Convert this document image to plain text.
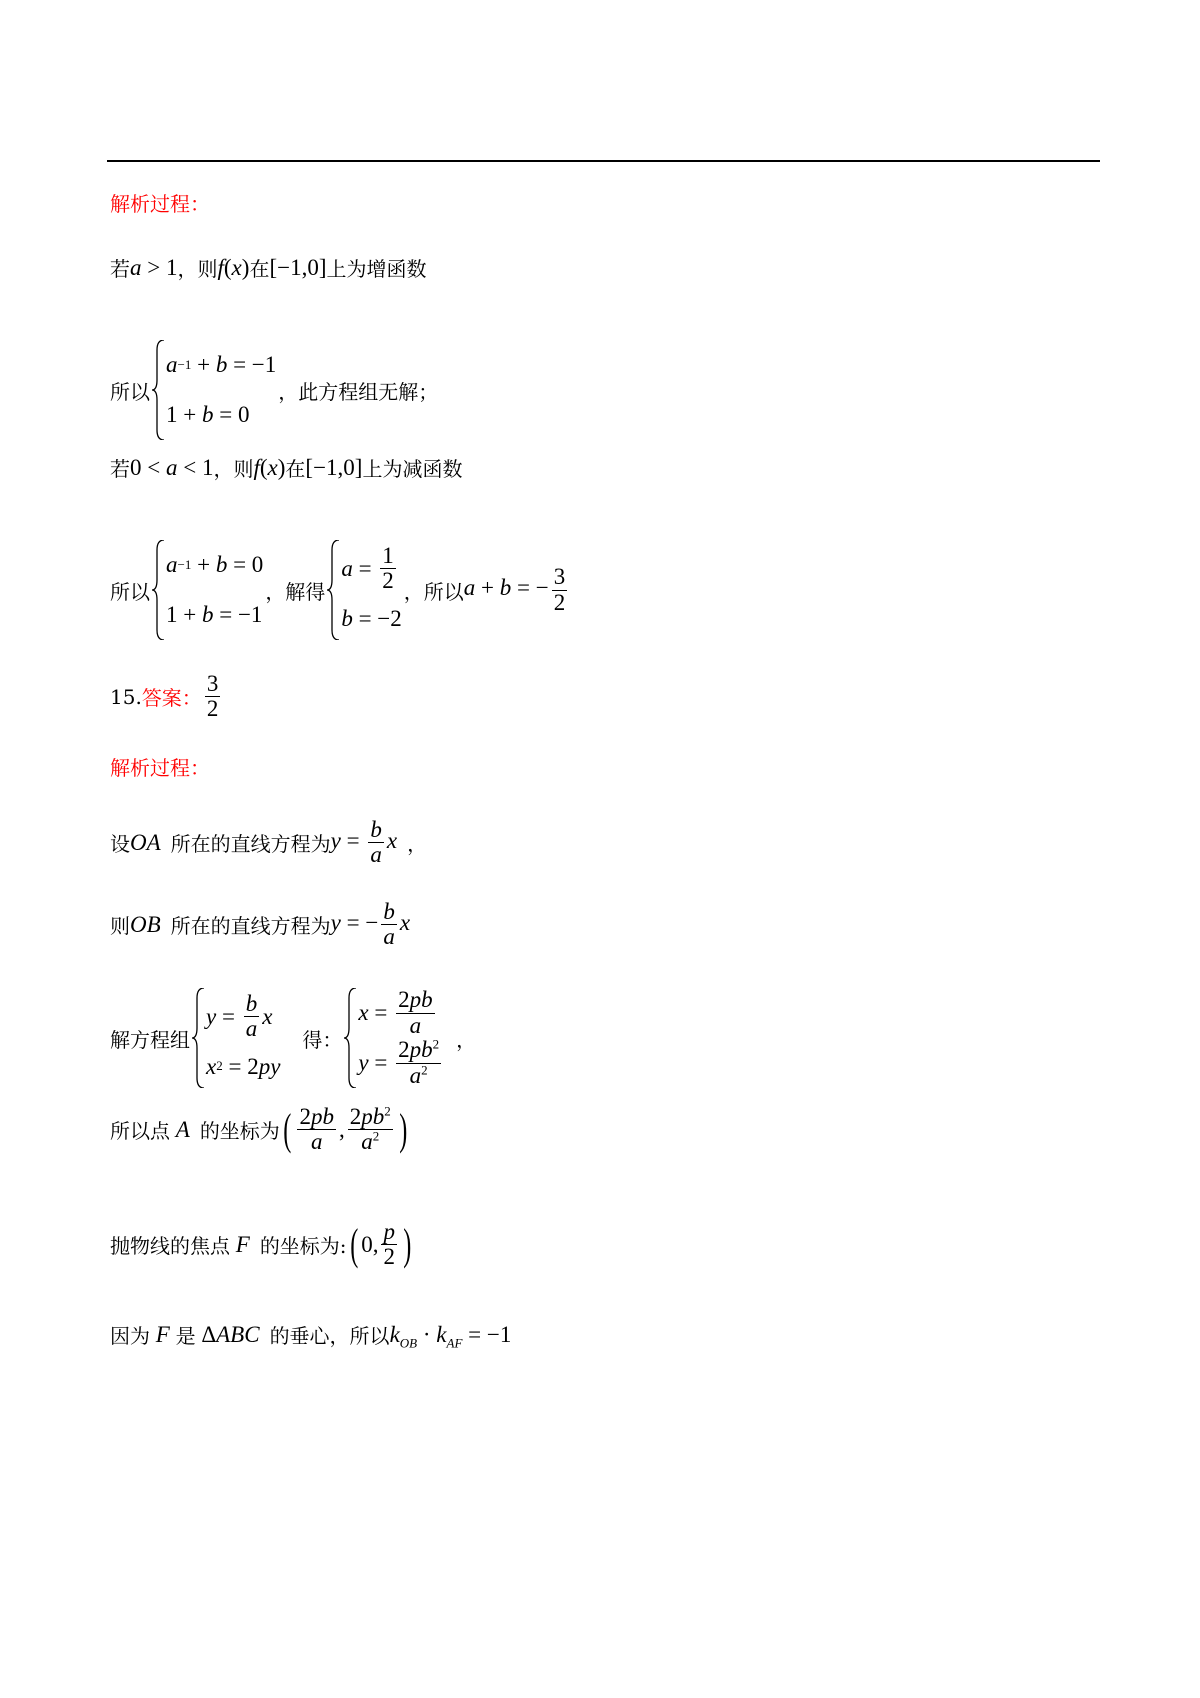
解析过程：
若 a > 1 ，则 f(x) 在 [−1,0] 上为增函数
所以
a −1 + b = −1
1 + b = 0
，此方程组无解；
若 0 < a < 1 ，则 f(x) 在 [−1,0] 上为减函数
所以
a −1 + b = 0
1 + b = −1
，解得
$a = \frac{1}{2}$
b = −2
，所以 a + b = − $\frac{3}{2}$
15. 答案： $\frac{3}{2}$
解析过程：
设 OA 所在的直线方程为 $y = \frac{b}{a}$ x ，
则 OB 所在的直线方程为 y = − $\frac{b}{a}$ x
解方程组
$y = \frac{b}{a}$ x
x 2 = 2 py
得：
$x = \frac{2pb}{a}$
$y = \frac{2pb^2}{a^2}$ ，
所以点 A 的坐标为 ( $\frac{2pb}{a}$ , $\frac{2pb^2}{a^2}$ )
抛物线的焦点 F 的坐标为: ( 0, $\frac{p}{2}$ )
因为 F 是 ΔABC 的垂心，所以 $k_{OB} \cdot k_{AF} = -1$
